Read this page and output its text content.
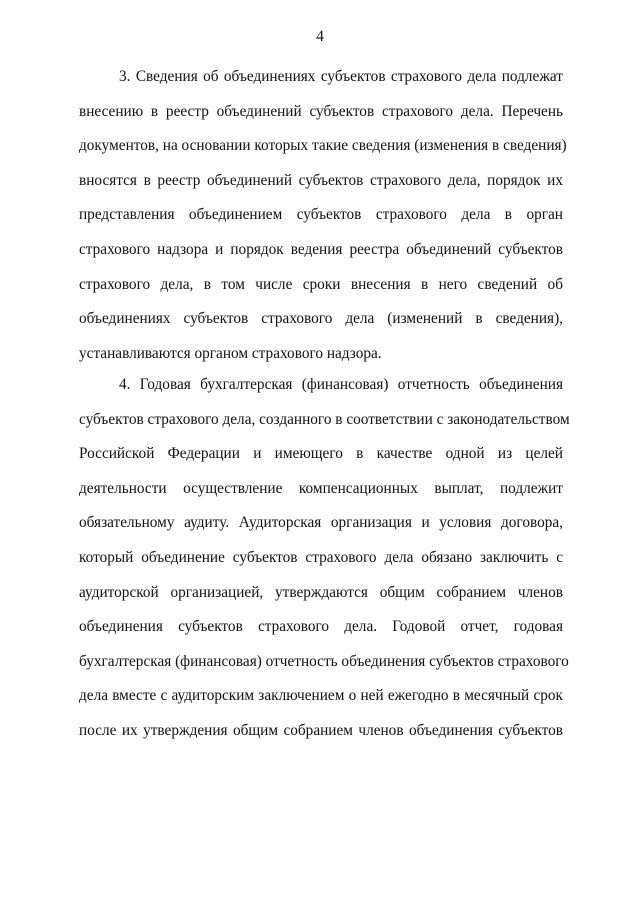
4
3. Сведения об объединениях субъектов страхового дела подлежат
внесению в реестр объединений субъектов страхового дела. Перечень
документов, на основании которых такие сведения (изменения в сведения)
вносятся в реестр объединений субъектов страхового дела, порядок их
представления объединением субъектов страхового дела в орган
страхового надзора и порядок ведения реестра объединений субъектов
страхового дела, в том числе сроки внесения в него сведений об
объединениях субъектов страхового дела (изменений в сведения),
устанавливаются органом страхового надзора.
4. Годовая бухгалтерская (финансовая) отчетность объединения
субъектов страхового дела, созданного в соответствии с законодательством
Российской Федерации и имеющего в качестве одной из целей
деятельности осуществление компенсационных выплат, подлежит
обязательному аудиту. Аудиторская организация и условия договора,
который объединение субъектов страхового дела обязано заключить с
аудиторской организацией, утверждаются общим собранием членов
объединения субъектов страхового дела. Годовой отчет, годовая
бухгалтерская (финансовая) отчетность объединения субъектов страхового
дела вместе с аудиторским заключением о ней ежегодно в месячный срок
после их утверждения общим собранием членов объединения субъектов
